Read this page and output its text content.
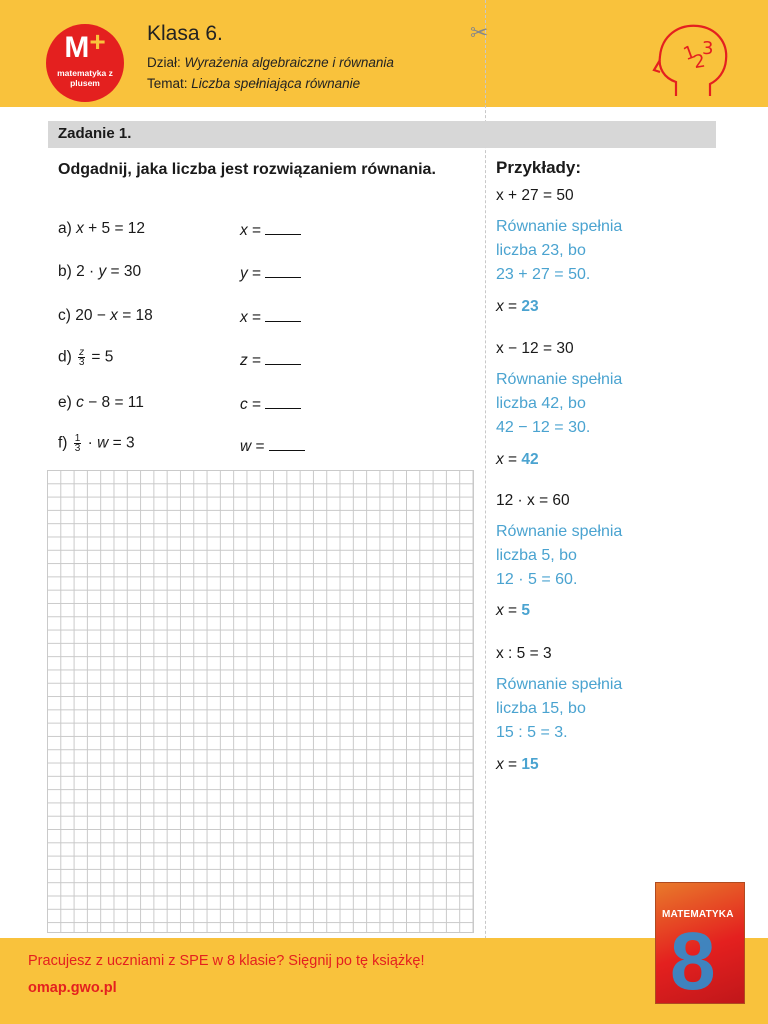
M+
matematyka z plusem
Klasa 6.
Dział: Wyrażenia algebraiczne i równania
Temat: Liczba spełniająca równanie
✂
1
2
3
Zadanie 1.
Odgadnij, jaka liczba jest rozwiązaniem równania.
a) x + 5 = 12	x =
b) 2 · y = 30	y =
c) 20 − x = 18	x =
$d) \frac{z}{3} = 5$	z =
e) c − 8 = 11	c =
$f) \frac{1}{3} \cdot w = 3$	w =
Przykłady:
x + 27 = 50
Równanie spełnia
liczba 23, bo
23 + 27 = 50.
x = 23
x − 12 = 30
Równanie spełnia
liczba 42, bo
42 − 12 = 30.
x = 42
12 · x = 60
Równanie spełnia
liczba 5, bo
12 · 5 = 60.
x = 5
x : 5 = 3
Równanie spełnia
liczba 15, bo
15 : 5 = 3.
x = 15
Pracujesz z uczniami z SPE w 8 klasie? Sięgnij po tę książkę!
omap.gwo.pl	8
MATEMATYKA
